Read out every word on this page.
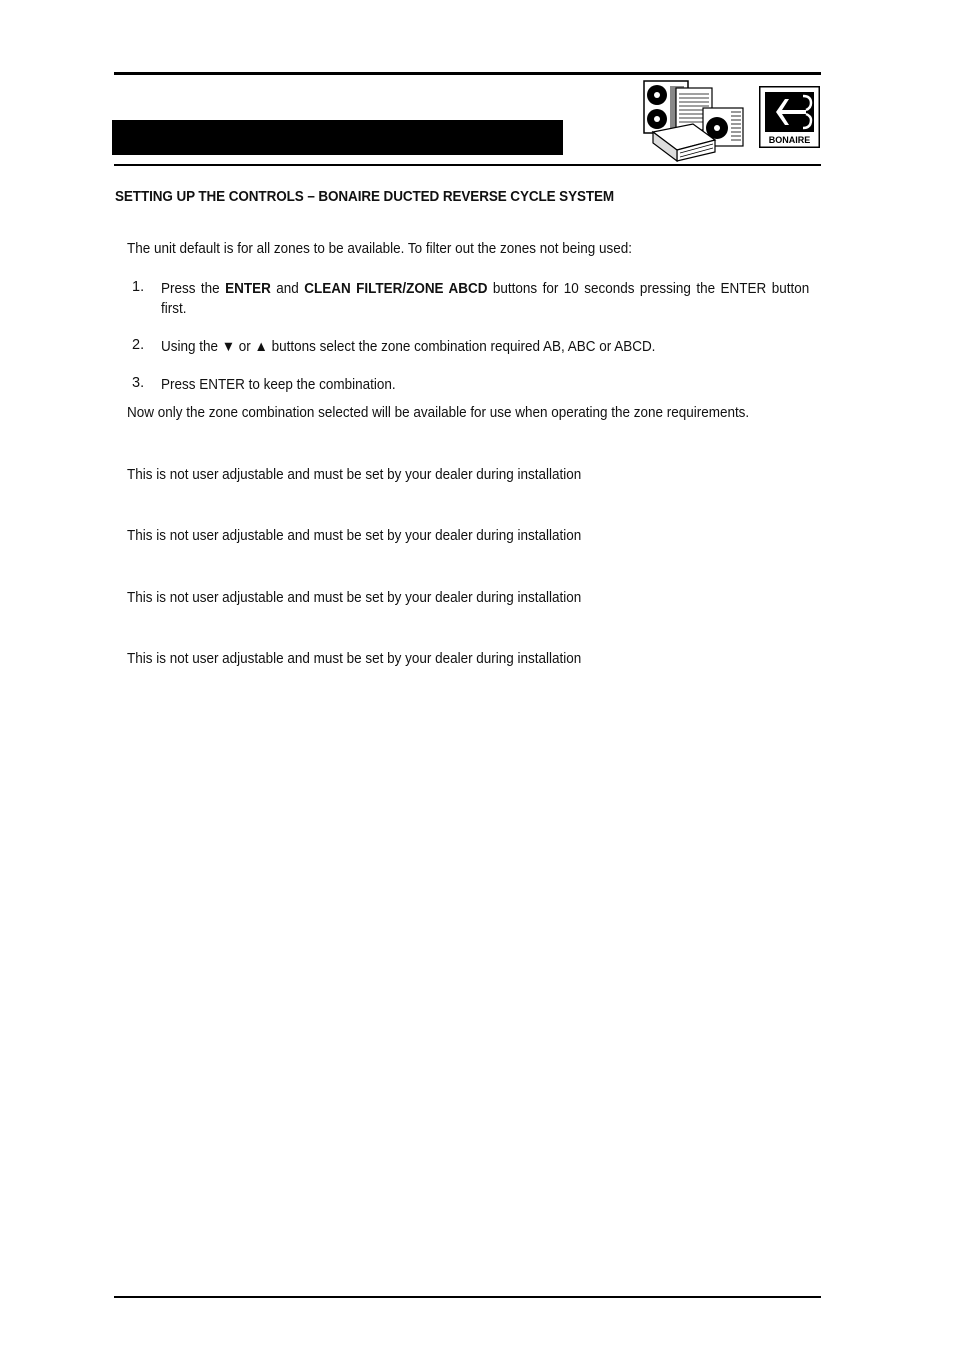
BONAIRE
SETTING UP THE CONTROLS – BONAIRE DUCTED REVERSE CYCLE SYSTEM

The unit default is for all zones to be available. To filter out the zones not being used:

1. Press the ENTER and CLEAN FILTER/ZONE ABCD buttons for 10 seconds pressing the ENTER button first.
2. Using the ▼ or ▲ buttons select the zone combination required AB, ABC or ABCD.
3. Press ENTER to keep the combination.

Now only the zone combination selected will be available for use when operating the zone requirements.

This is not user adjustable and must be set by your dealer during installation

This is not user adjustable and must be set by your dealer during installation

This is not user adjustable and must be set by your dealer during installation

This is not user adjustable and must be set by your dealer during installation
